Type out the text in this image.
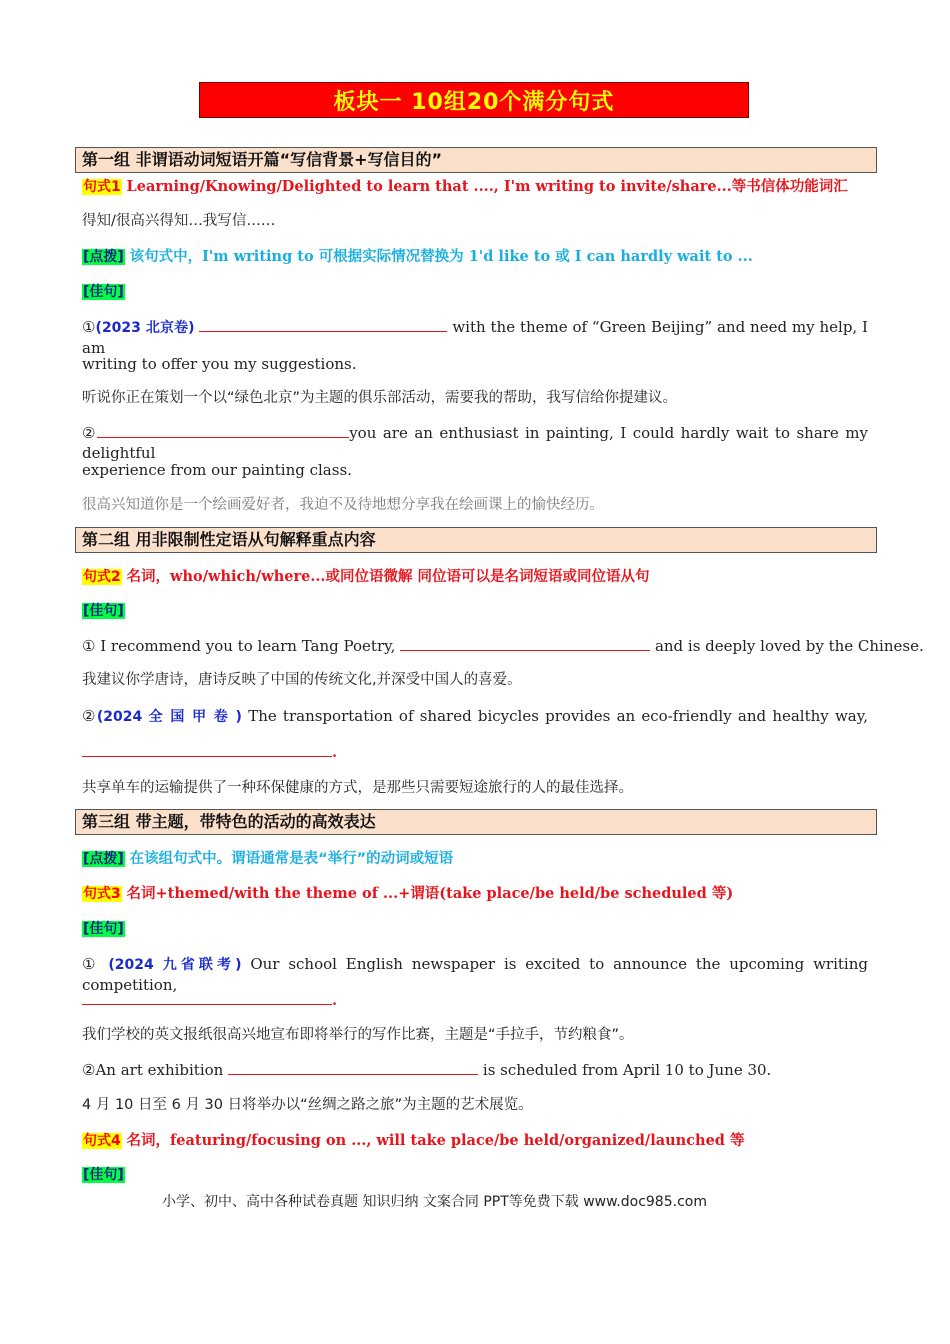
板块一 10组20个满分句式
第一组 非谓语动词短语开篇“写信背景+写信目的”
句式1 Learning/Knowing/Delighted to learn that ...., I'm writing to invite/share...等书信体功能词汇
得知/很高兴得知…我写信……
[点拨] 该句式中，I'm writing to 可根据实际情况替换为 1'd like to 或 I can hardly wait to ...
[佳句]
①(2023 北京卷)	with the theme of “Green Beijing” and need my help, I am
writing to offer you my suggestions.
听说你正在策划一个以“绿色北京”为主题的俱乐部活动，需要我的帮助，我写信给你提建议。
②	you are an enthusiast in painting, I could hardly wait to share my delightful
experience from our painting class.
很高兴知道你是一个绘画爱好者，我迫不及待地想分享我在绘画课上的愉快经历。
第二组 用非限制性定语从句解释重点内容
句式2 名词，who/which/where...或同位语微解 同位语可以是名词短语或同位语从句
[佳句]
① I recommend you to learn Tang Poetry,	and is deeply loved by the Chinese.
我建议你学唐诗，唐诗反映了中国的传统文化,并深受中国人的喜爱。
②(2024 全 国 甲 卷 ) The transportation of shared bicycles provides an eco-friendly and healthy way,
.
共享单车的运输提供了一种环保健康的方式，是那些只需要短途旅行的人的最佳选择。
第三组 带主题，带特色的活动的高效表达
[点拨] 在该组句式中。谓语通常是表“举行”的动词或短语
句式3 名词+themed/with the theme of ...+谓语(take place/be held/be scheduled 等)
[佳句]
① (2024 九省联考) Our school English newspaper is excited to announce the upcoming writing competition,
.
我们学校的英文报纸很高兴地宣布即将举行的写作比赛，主题是“手拉手，节约粮食”。
②An art exhibition	is scheduled from April 10 to June 30.
4 月 10 日至 6 月 30 日将举办以“丝绸之路之旅”为主题的艺术展览。
句式4 名词，featuring/focusing on ..., will take place/be held/organized/launched 等
[佳句]
小学、初中、高中各种试卷真题 知识归纳 文案合同 PPT等免费下载 www.doc985.com
